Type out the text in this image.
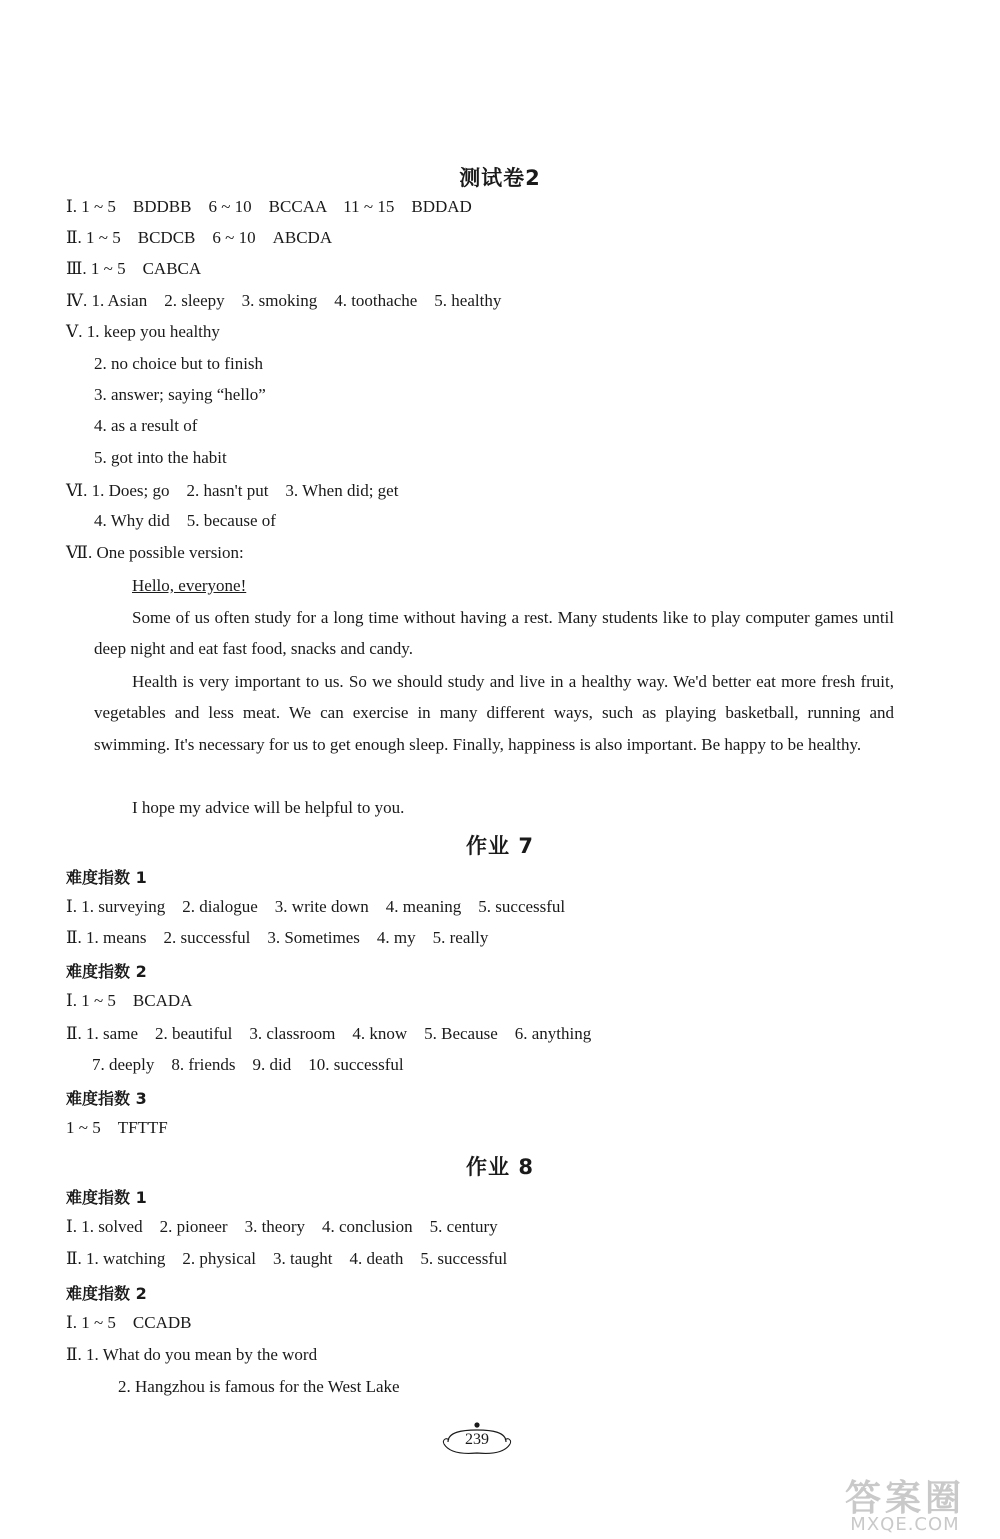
测试卷2
Ⅰ. 1 ~ 5　BDDBB　6 ~ 10　BCCAA　11 ~ 15　BDDAD
Ⅱ. 1 ~ 5　BCDCB　6 ~ 10　ABCDA
Ⅲ. 1 ~ 5　CABCA
Ⅳ. 1. Asian　2. sleepy　3. smoking　4. toothache　5. healthy
Ⅴ. 1. keep you healthy
2. no choice but to finish
3. answer; saying “hello”
4. as a result of
5. got into the habit
Ⅵ. 1. Does; go　2. hasn't put　3. When did; get
4. Why did　5. because of
Ⅶ. One possible version:
Hello, everyone!
Some of us often study for a long time without having a rest. Many students like to play computer games until deep night and eat fast food, snacks and candy.
Health is very important to us. So we should study and live in a healthy way. We'd better eat more fresh fruit, vegetables and less meat. We can exercise in many different ways, such as playing basketball, running and swimming. It's necessary for us to get enough sleep. Finally, happiness is also important. Be happy to be healthy.
I hope my advice will be helpful to you.
作业 7
难度指数 1
Ⅰ. 1. surveying　2. dialogue　3. write down　4. meaning　5. successful
Ⅱ. 1. means　2. successful　3. Sometimes　4. my　5. really
难度指数 2
Ⅰ. 1 ~ 5　BCADA
Ⅱ. 1. same　2. beautiful　3. classroom　4. know　5. Because　6. anything
7. deeply　8. friends　9. did　10. successful
难度指数 3
1 ~ 5　TFTTF
作业 8
难度指数 1
Ⅰ. 1. solved　2. pioneer　3. theory　4. conclusion　5. century
Ⅱ. 1. watching　2. physical　3. taught　4. death　5. successful
难度指数 2
Ⅰ. 1 ~ 5　CCADB
Ⅱ. 1. What do you mean by the word
2. Hangzhou is famous for the West Lake
239
答案圈
MXQE.COM
